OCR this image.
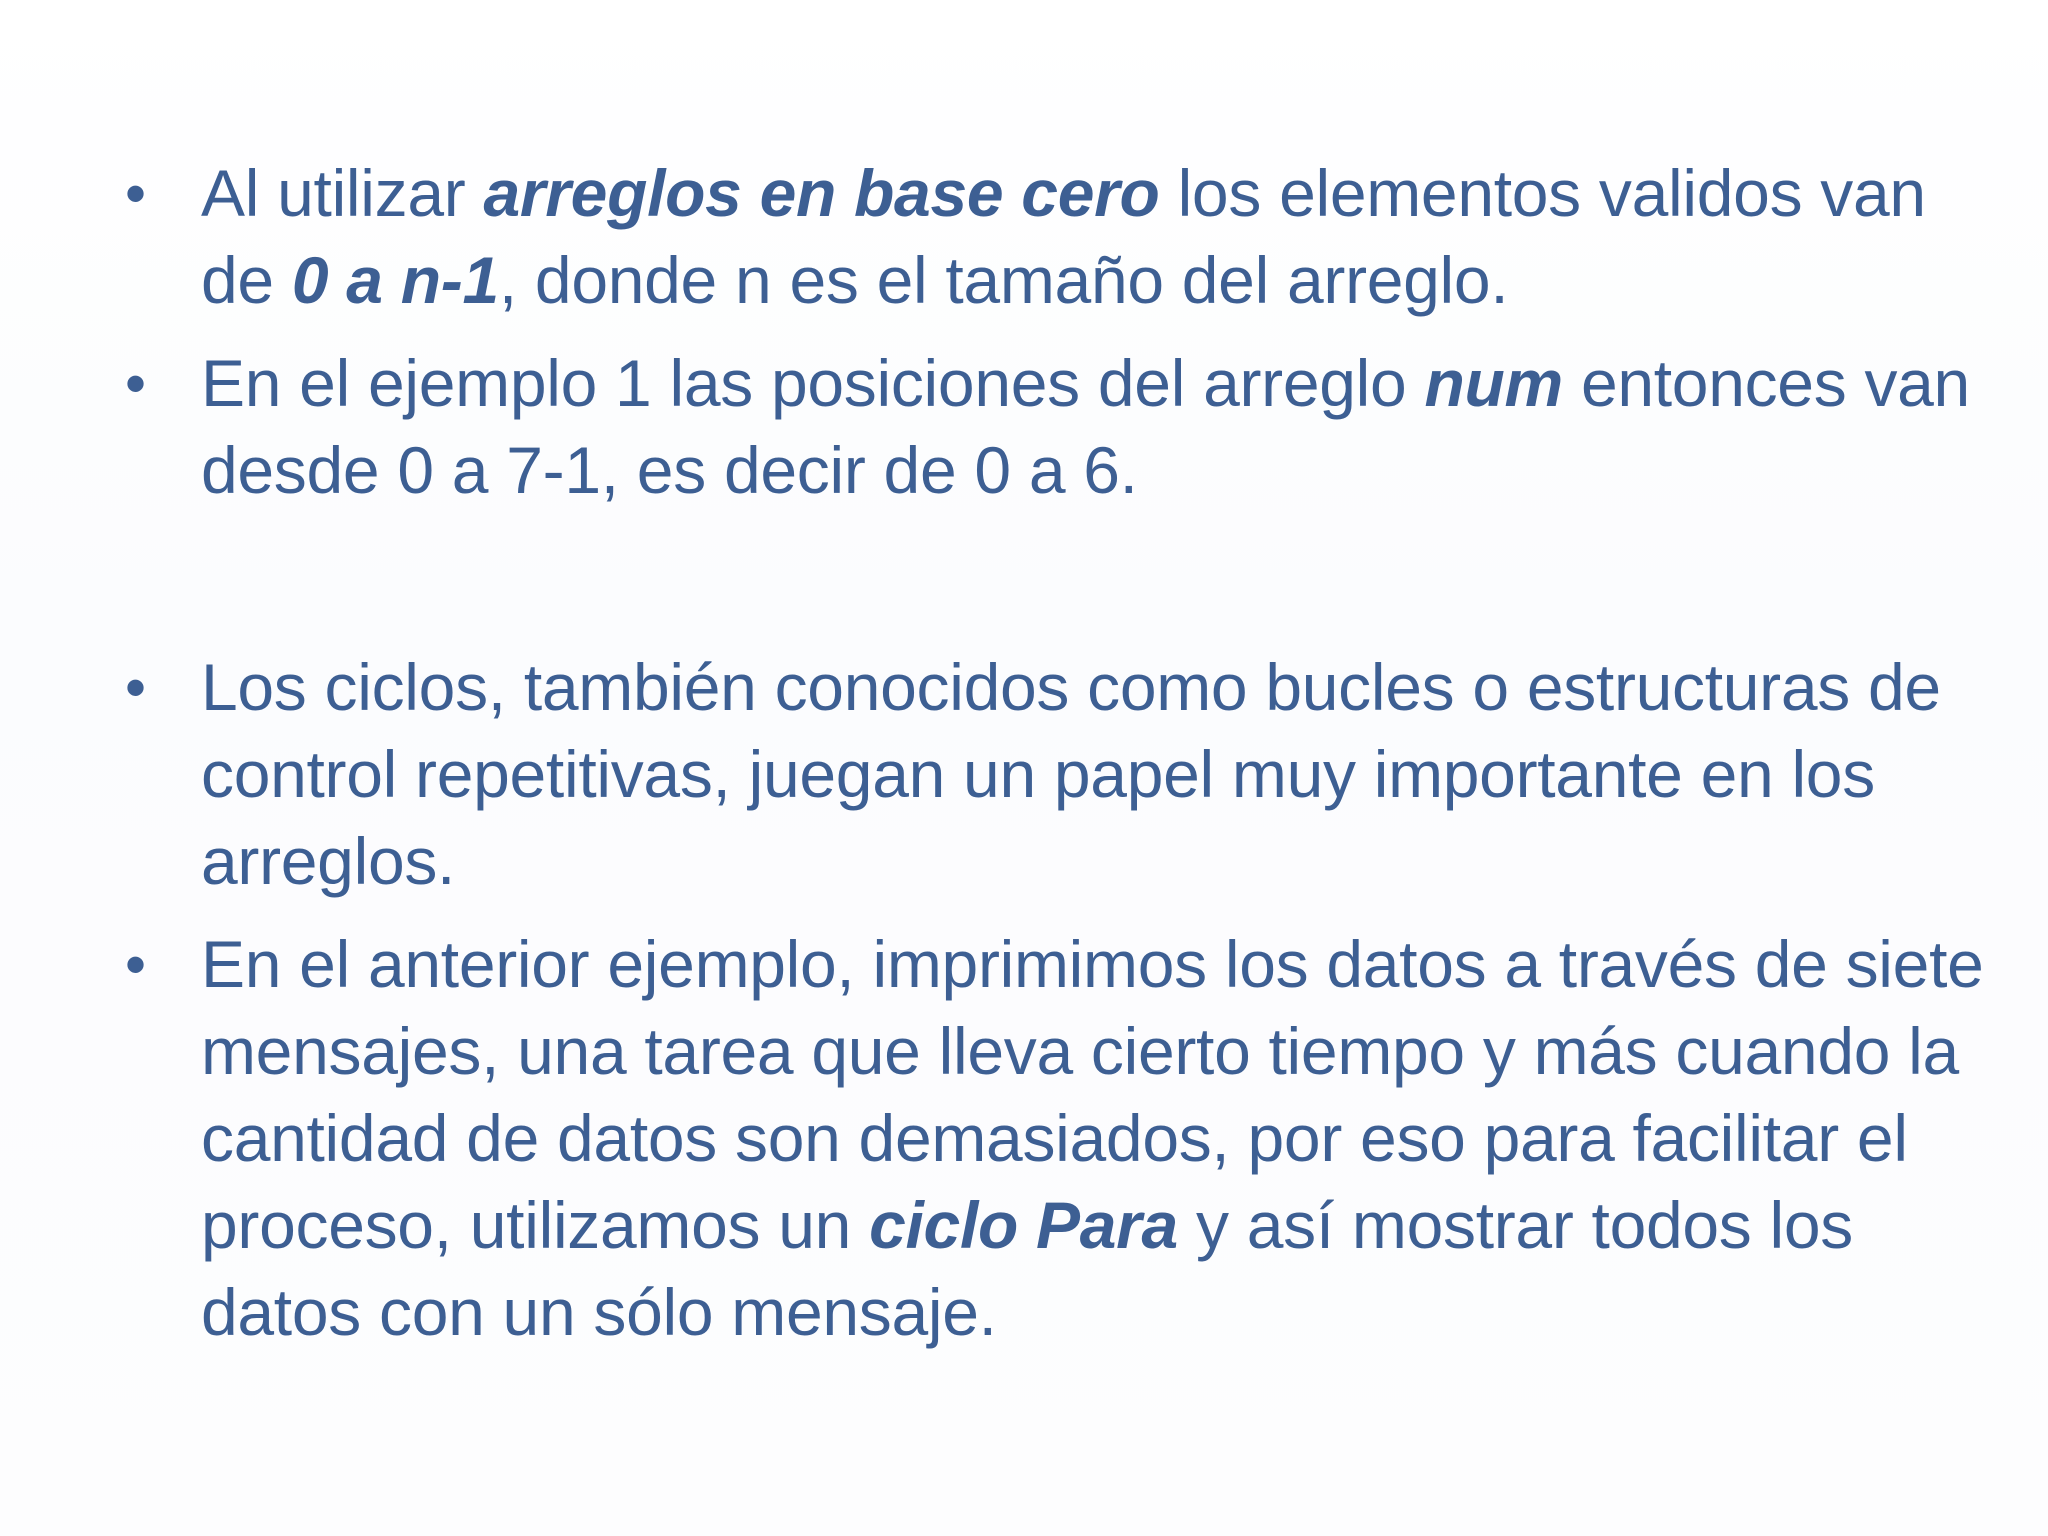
• Al utilizar arreglos en base cero los elementos validos van de 0 a n-1, donde n es el tamaño del arreglo.
• En el ejemplo 1 las posiciones del arreglo num entonces van desde 0 a 7-1, es decir de 0 a 6.
• Los ciclos, también conocidos como bucles o estructuras de control repetitivas, juegan un papel muy importante en los arreglos.
• En el anterior ejemplo, imprimimos los datos a través de siete mensajes, una tarea que lleva cierto tiempo y más cuando la cantidad de datos son demasiados, por eso para facilitar el proceso, utilizamos un ciclo Para y así mostrar todos los datos con un sólo mensaje.
